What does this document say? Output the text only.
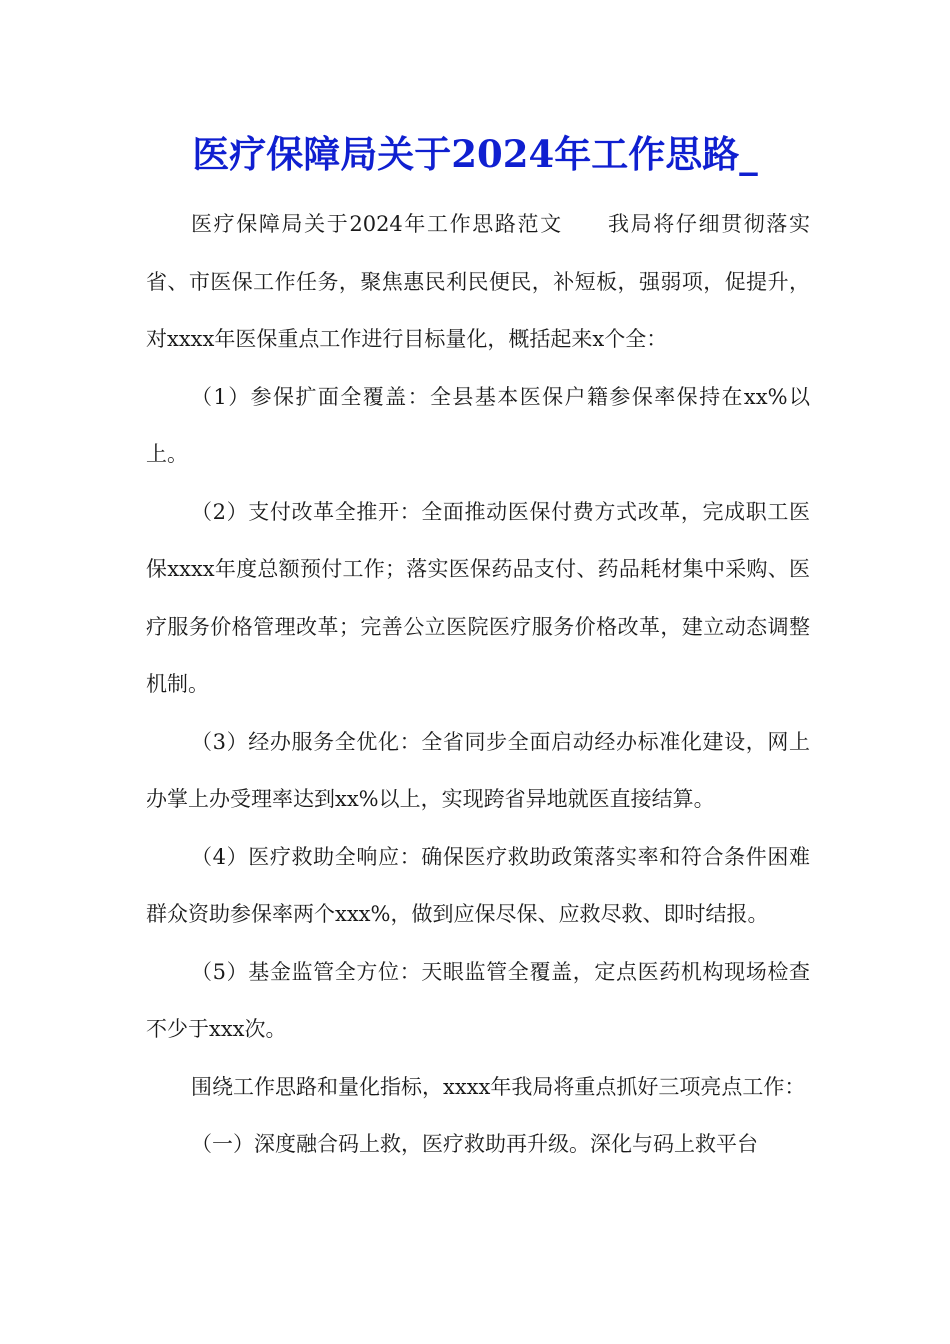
医疗保障局关于2024年工作思路_

医疗保障局关于2024年工作思路范文　　我局将仔细贯彻落实省、市医保工作任务，聚焦惠民利民便民，补短板，强弱项，促提升，对xxxx年医保重点工作进行目标量化，概括起来x个全：

（1）参保扩面全覆盖：全县基本医保户籍参保率保持在xx%以上。

（2）支付改革全推开：全面推动医保付费方式改革，完成职工医保xxxx年度总额预付工作；落实医保药品支付、药品耗材集中采购、医疗服务价格管理改革；完善公立医院医疗服务价格改革，建立动态调整机制。

（3）经办服务全优化：全省同步全面启动经办标准化建设，网上办掌上办受理率达到xx%以上，实现跨省异地就医直接结算。

（4）医疗救助全响应：确保医疗救助政策落实率和符合条件困难群众资助参保率两个xxx%，做到应保尽保、应救尽救、即时结报。

（5）基金监管全方位：天眼监管全覆盖，定点医药机构现场检查不少于xxx次。

围绕工作思路和量化指标，xxxx年我局将重点抓好三项亮点工作：

（一）深度融合码上救，医疗救助再升级。深化与码上救平台
